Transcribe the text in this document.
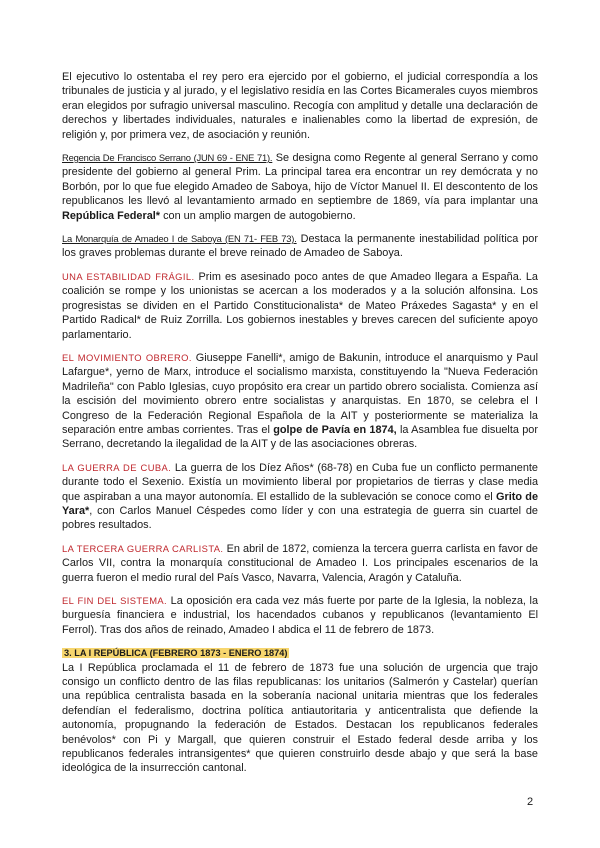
El ejecutivo lo ostentaba el rey pero era ejercido por el gobierno, el judicial correspondía a los tribunales de justicia y al jurado, y el legislativo residía en las Cortes Bicamerales cuyos miembros eran elegidos por sufragio universal masculino. Recogía con amplitud y detalle una declaración de derechos y libertades individuales, naturales e inalienables como la libertad de expresión, de religión y, por primera vez, de asociación y reunión.

Regencia De Francisco Serrano (JUN 69 - ENE 71). Se designa como Regente al general Serrano y como presidente del gobierno al general Prim. La principal tarea era encontrar un rey demócrata y no Borbón, por lo que fue elegido Amadeo de Saboya, hijo de Víctor Manuel II. El descontento de los republicanos les llevó al levantamiento armado en septiembre de 1869, vía para implantar una República Federal* con un amplio margen de autogobierno.

La Monarquía de Amadeo I de Saboya (EN 71- FEB 73). Destaca la permanente inestabilidad política por los graves problemas durante el breve reinado de Amadeo de Saboya.

UNA ESTABILIDAD FRÁGIL. Prim es asesinado poco antes de que Amadeo llegara a España. La coalición se rompe y los unionistas se acercan a los moderados y a la solución alfonsina. Los progresistas se dividen en el Partido Constitucionalista* de Mateo Práxedes Sagasta* y en el Partido Radical* de Ruiz Zorrilla. Los gobiernos inestables y breves carecen del suficiente apoyo parlamentario.

EL MOVIMIENTO OBRERO. Giuseppe Fanelli*, amigo de Bakunin, introduce el anarquismo y Paul Lafargue*, yerno de Marx, introduce el socialismo marxista, constituyendo la "Nueva Federación Madrileña" con Pablo Iglesias, cuyo propósito era crear un partido obrero socialista. Comienza así la escisión del movimiento obrero entre socialistas y anarquistas. En 1870, se celebra el I Congreso de la Federación Regional Española de la AIT y posteriormente se materializa la separación entre ambas corrientes. Tras el golpe de Pavía en 1874, la Asamblea fue disuelta por Serrano, decretando la ilegalidad de la AIT y de las asociaciones obreras.

LA GUERRA DE CUBA. La guerra de los Díez Años* (68-78) en Cuba fue un conflicto permanente durante todo el Sexenio. Existía un movimiento liberal por propietarios de tierras y clase media que aspiraban a una mayor autonomía. El estallido de la sublevación se conoce como el Grito de Yara*, con Carlos Manuel Céspedes como líder y con una estrategia de guerra sin cuartel de pobres resultados.

LA TERCERA GUERRA CARLISTA. En abril de 1872, comienza la tercera guerra carlista en favor de Carlos VII, contra la monarquía constitucional de Amadeo I. Los principales escenarios de la guerra fueron el medio rural del País Vasco, Navarra, Valencia, Aragón y Cataluña.

EL FIN DEL SISTEMA. La oposición era cada vez más fuerte por parte de la Iglesia, la nobleza, la burguesía financiera e industrial, los hacendados cubanos y republicanos (levantamiento El Ferrol). Tras dos años de reinado, Amadeo I abdica el 11 de febrero de 1873.

3. LA I REPÚBLICA (FEBRERO 1873 - ENERO 1874)

La I República proclamada el 11 de febrero de 1873 fue una solución de urgencia que trajo consigo un conflicto dentro de las filas republicanas: los unitarios (Salmerón y Castelar) querían una república centralista basada en la soberanía nacional unitaria mientras que los federales defendían el federalismo, doctrina política antiautoritaria y anticentralista que defiende la autonomía, propugnando la federación de Estados. Destacan los republicanos federales benévolos* con Pi y Margall, que quieren construir el Estado federal desde arriba y los republicanos federales intransigentes* que quieren construirlo desde abajo y que será la base ideológica de la insurrección cantonal.

2
